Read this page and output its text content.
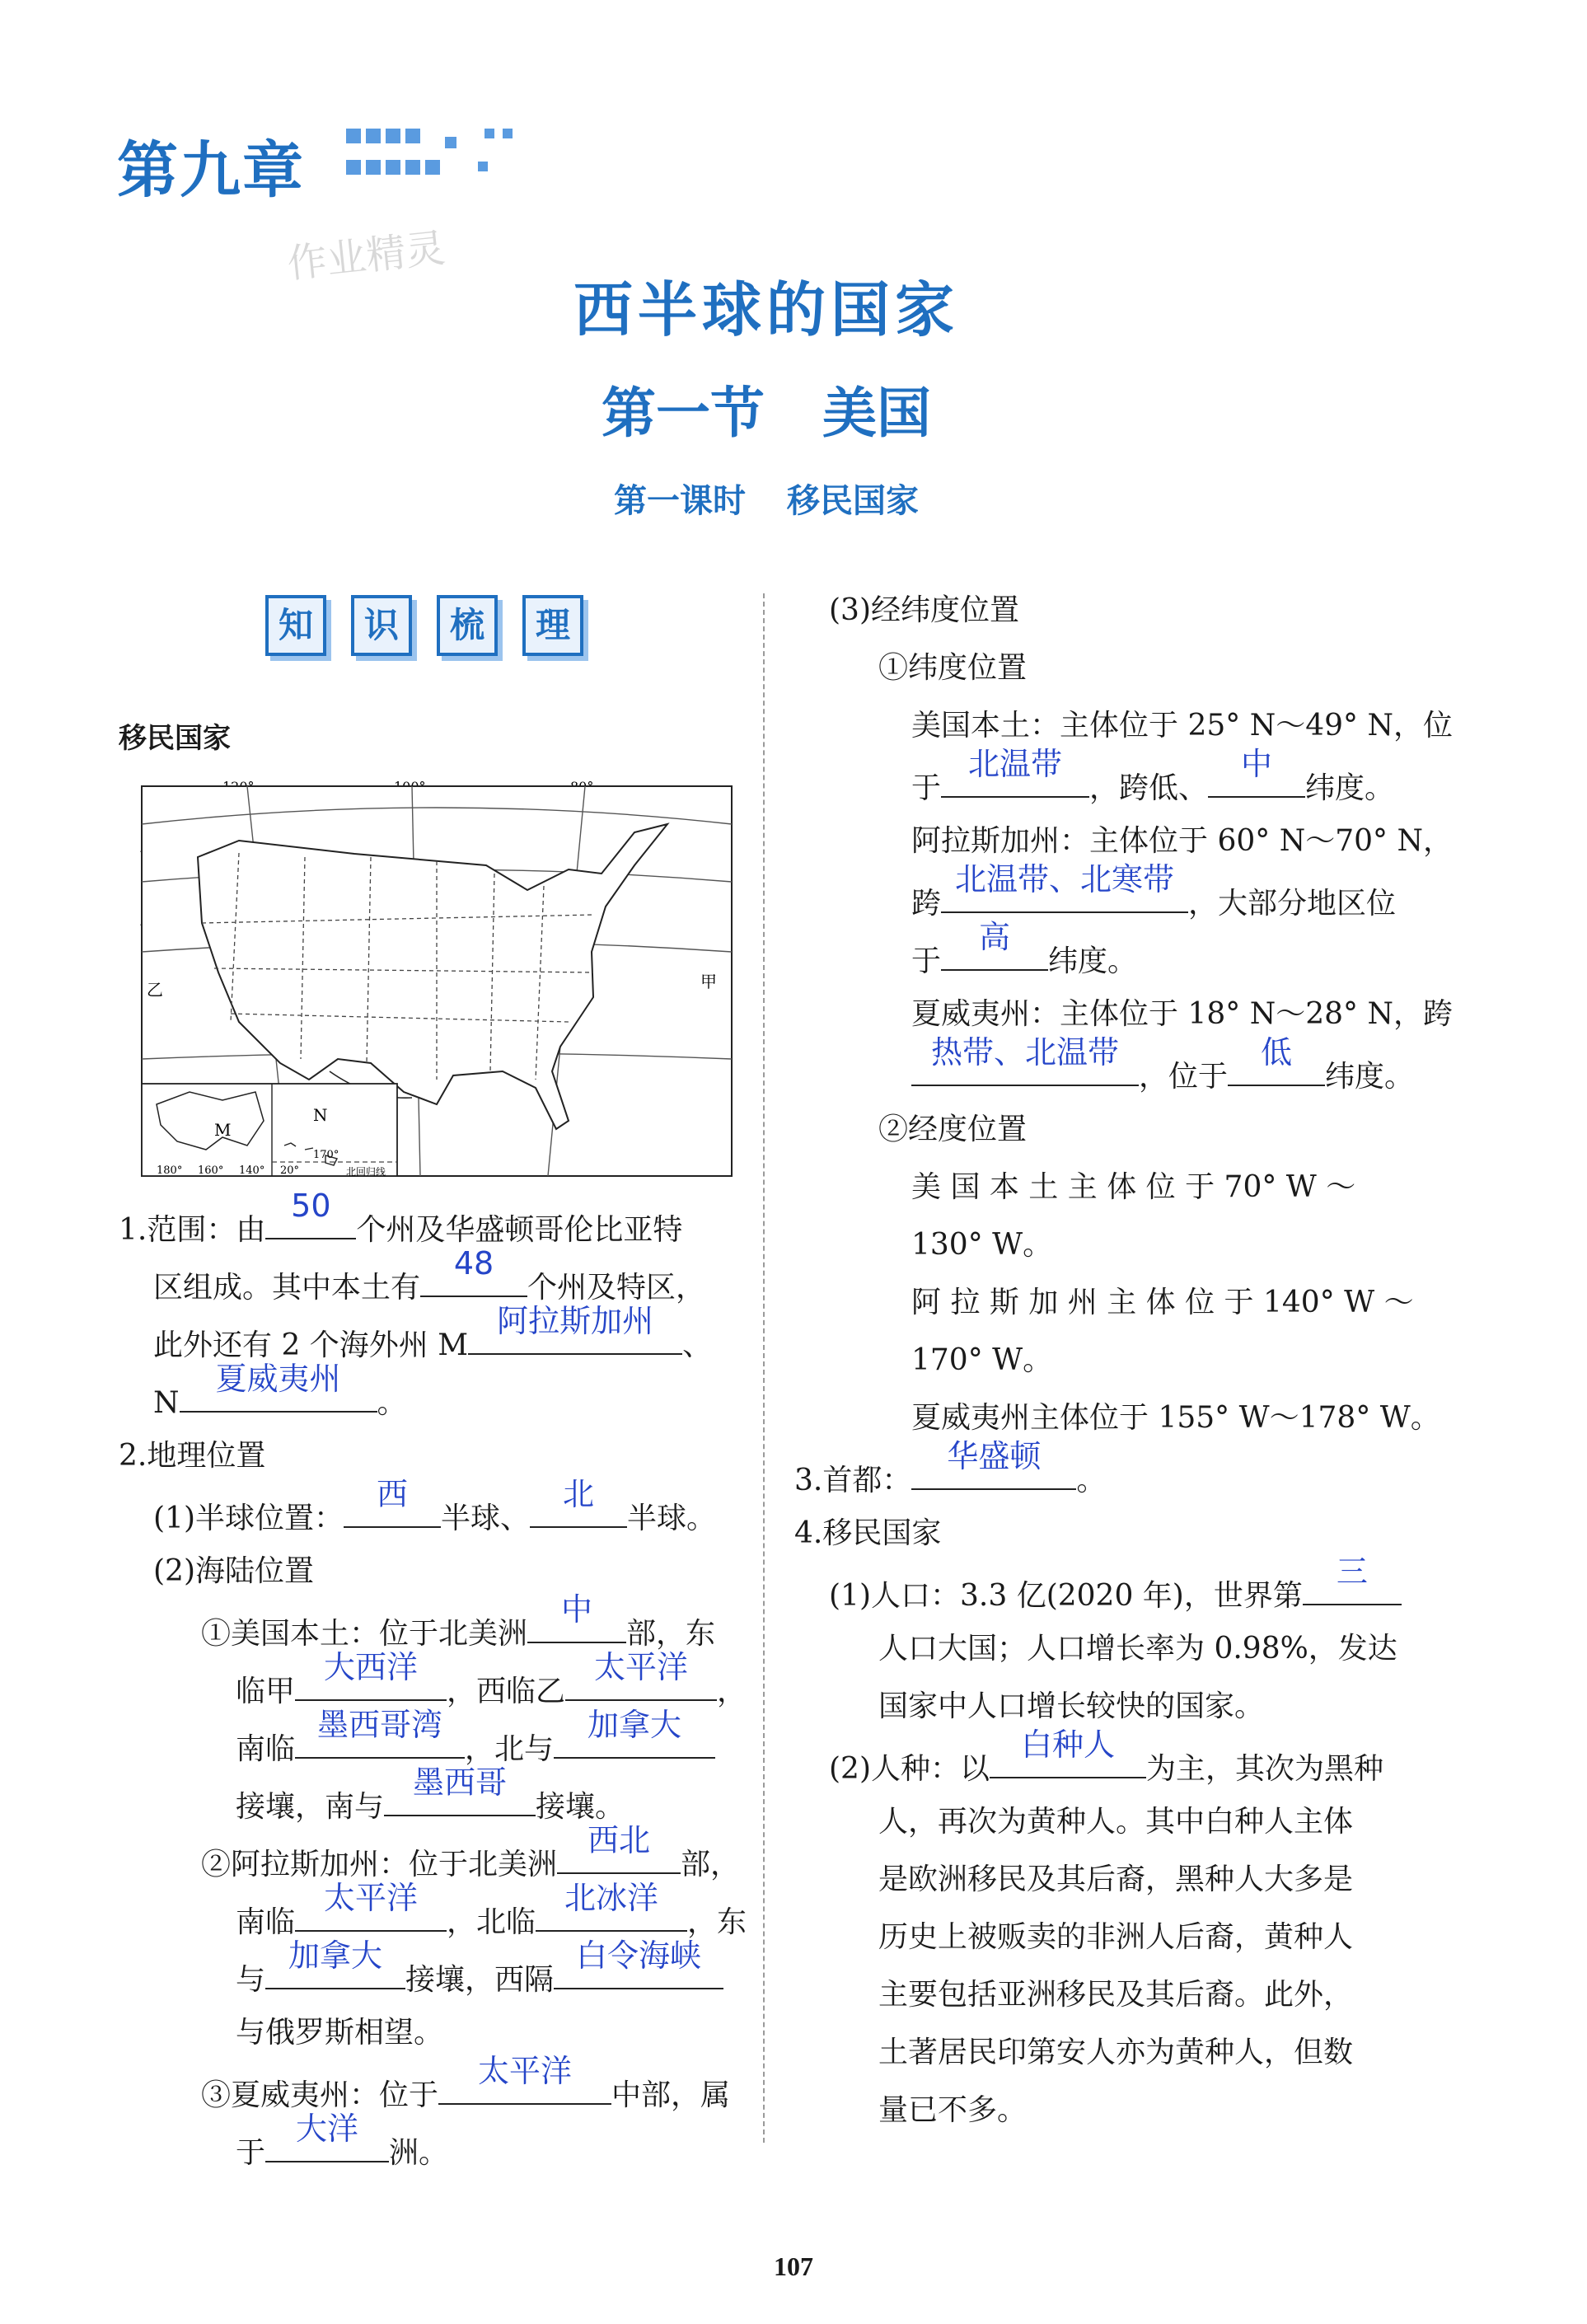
第九章
作业精灵
西半球的国家
第一节 美国
第一课时 移民国家
知	识	梳	理
移民国家
甲
乙
M
N
北回归线
180° 160° 140° 20°
170°
1.范围：由
50
个州及华盛顿哥伦比亚特
区组成。其中本土有
48
个州及特区，
此外还有 2 个海外州 M
阿拉斯加州
、
N
夏威夷州
。
2.地理位置
(1)半球位置：
西
半球、
北
半球。
(2)海陆位置
①美国本土：位于北美洲
中
部，东
临甲
大西洋
，西临乙
太平洋
，
南临
墨西哥湾
，北与
加拿大
接壤，南与
墨西哥
接壤。
②阿拉斯加州：位于北美洲
西北
部，
南临
太平洋
，北临
北冰洋
，东
与
加拿大
接壤，西隔
白令海峡
与俄罗斯相望。
③夏威夷州：位于
太平洋
中部，属
于
大洋
洲。
(3)经纬度位置
①纬度位置
美国本土：主体位于 25° N～49° N，位
于
北温带
，跨低、
中
纬度。
阿拉斯加州：主体位于 60° N～70° N，
跨
北温带、北寒带
，大部分地区位
于
高
纬度。
夏威夷州：主体位于 18° N～28° N，跨
热带、北温带
，位于
低
纬度。
②经度位置
美 国 本 土 主 体 位 于 70° W ～
130° W。
阿 拉 斯 加 州 主 体 位 于 140° W ～
170° W。
夏威夷州主体位于 155° W～178° W。
3.首都：
华盛顿
。
4.移民国家
(1)人口：3.3 亿(2020 年)，世界第
三
人口大国；人口增长率为 0.98%，发达
国家中人口增长较快的国家。
(2)人种：以
白种人
为主，其次为黑种
人，再次为黄种人。其中白种人主体
是欧洲移民及其后裔，黑种人大多是
历史上被贩卖的非洲人后裔，黄种人
主要包括亚洲移民及其后裔。此外，
土著居民印第安人亦为黄种人，但数
量已不多。
107
